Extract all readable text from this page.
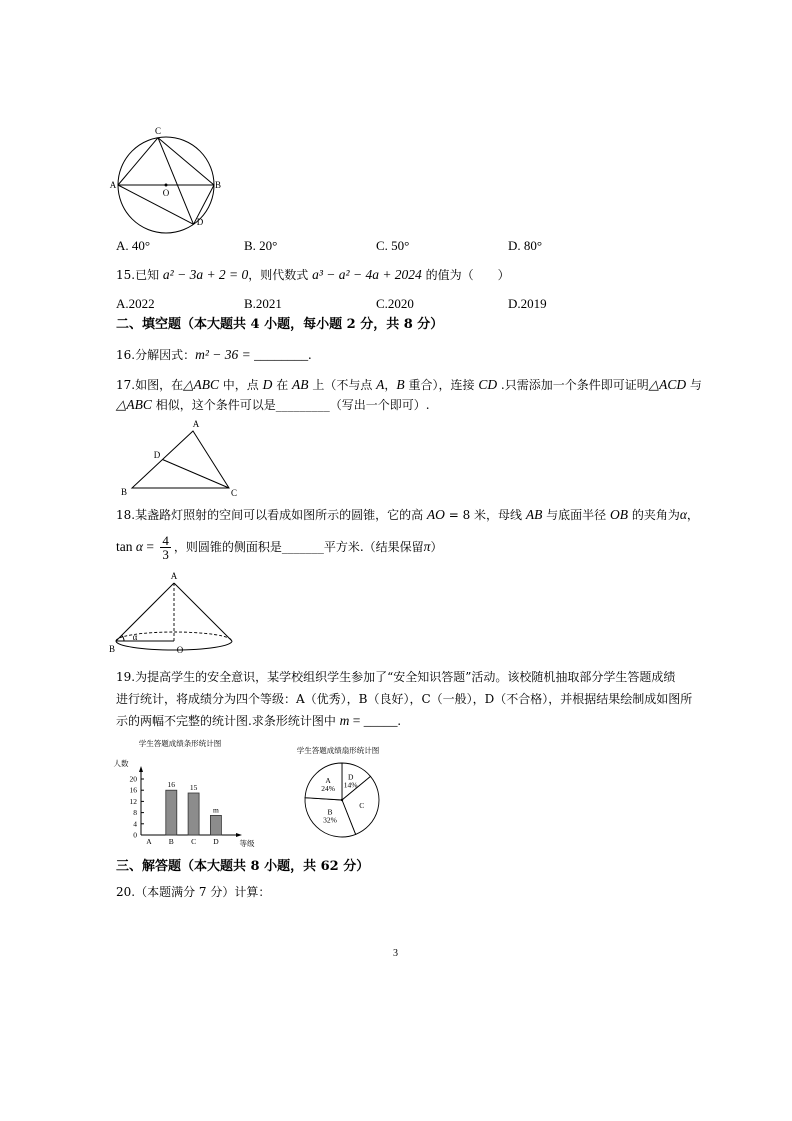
C
A	B
O
D
A. 40°	B. 20°	C. 50°	D. 80°
15.已知 a² − 3a + 2 = 0，则代数式 a³ − a² − 4a + 2024 的值为（　　）
A.2022	B.2021	C.2020	D.2019
二、填空题（本大题共 4 小题，每小题 2 分，共 8 分）
16.分解因式：m² − 36 = ________.
17.如图，在△ABC 中，点 D 在 AB 上（不与点 A，B 重合），连接 CD .只需添加一个条件即可证明△ACD 与
△ABC 相似，这个条件可以是_________（写出一个即可）.
A
D
B	C
18.某盏路灯照射的空间可以看成如图所示的圆锥，它的高 AO = 8 米，母线 AB 与底面半径 OB 的夹角为α，
$\tan \alpha = \frac{4}{3}$ ，则圆锥的侧面积是_______平方米.（结果保留π）
A
B
α
O
19.为提高学生的安全意识，某学校组织学生参加了“安全知识答题”活动。该校随机抽取部分学生答题成绩
进行统计，将成绩分为四个等级：A（优秀），B（良好），C（一般），D（不合格），并根据结果绘制成如图所
示的两幅不完整的统计图.求条形统计图中 m = _____.
学生答题成绩条形统计图
人数
等级
0
4
8
12
16
20
A
16
B
15
C
m
D
学生答题成绩扇形统计图
D
14%
C
B
32%
A
24%
三、解答题（本大题共 8 小题，共 62 分）
20.（本题满分 7 分）计算：
3
